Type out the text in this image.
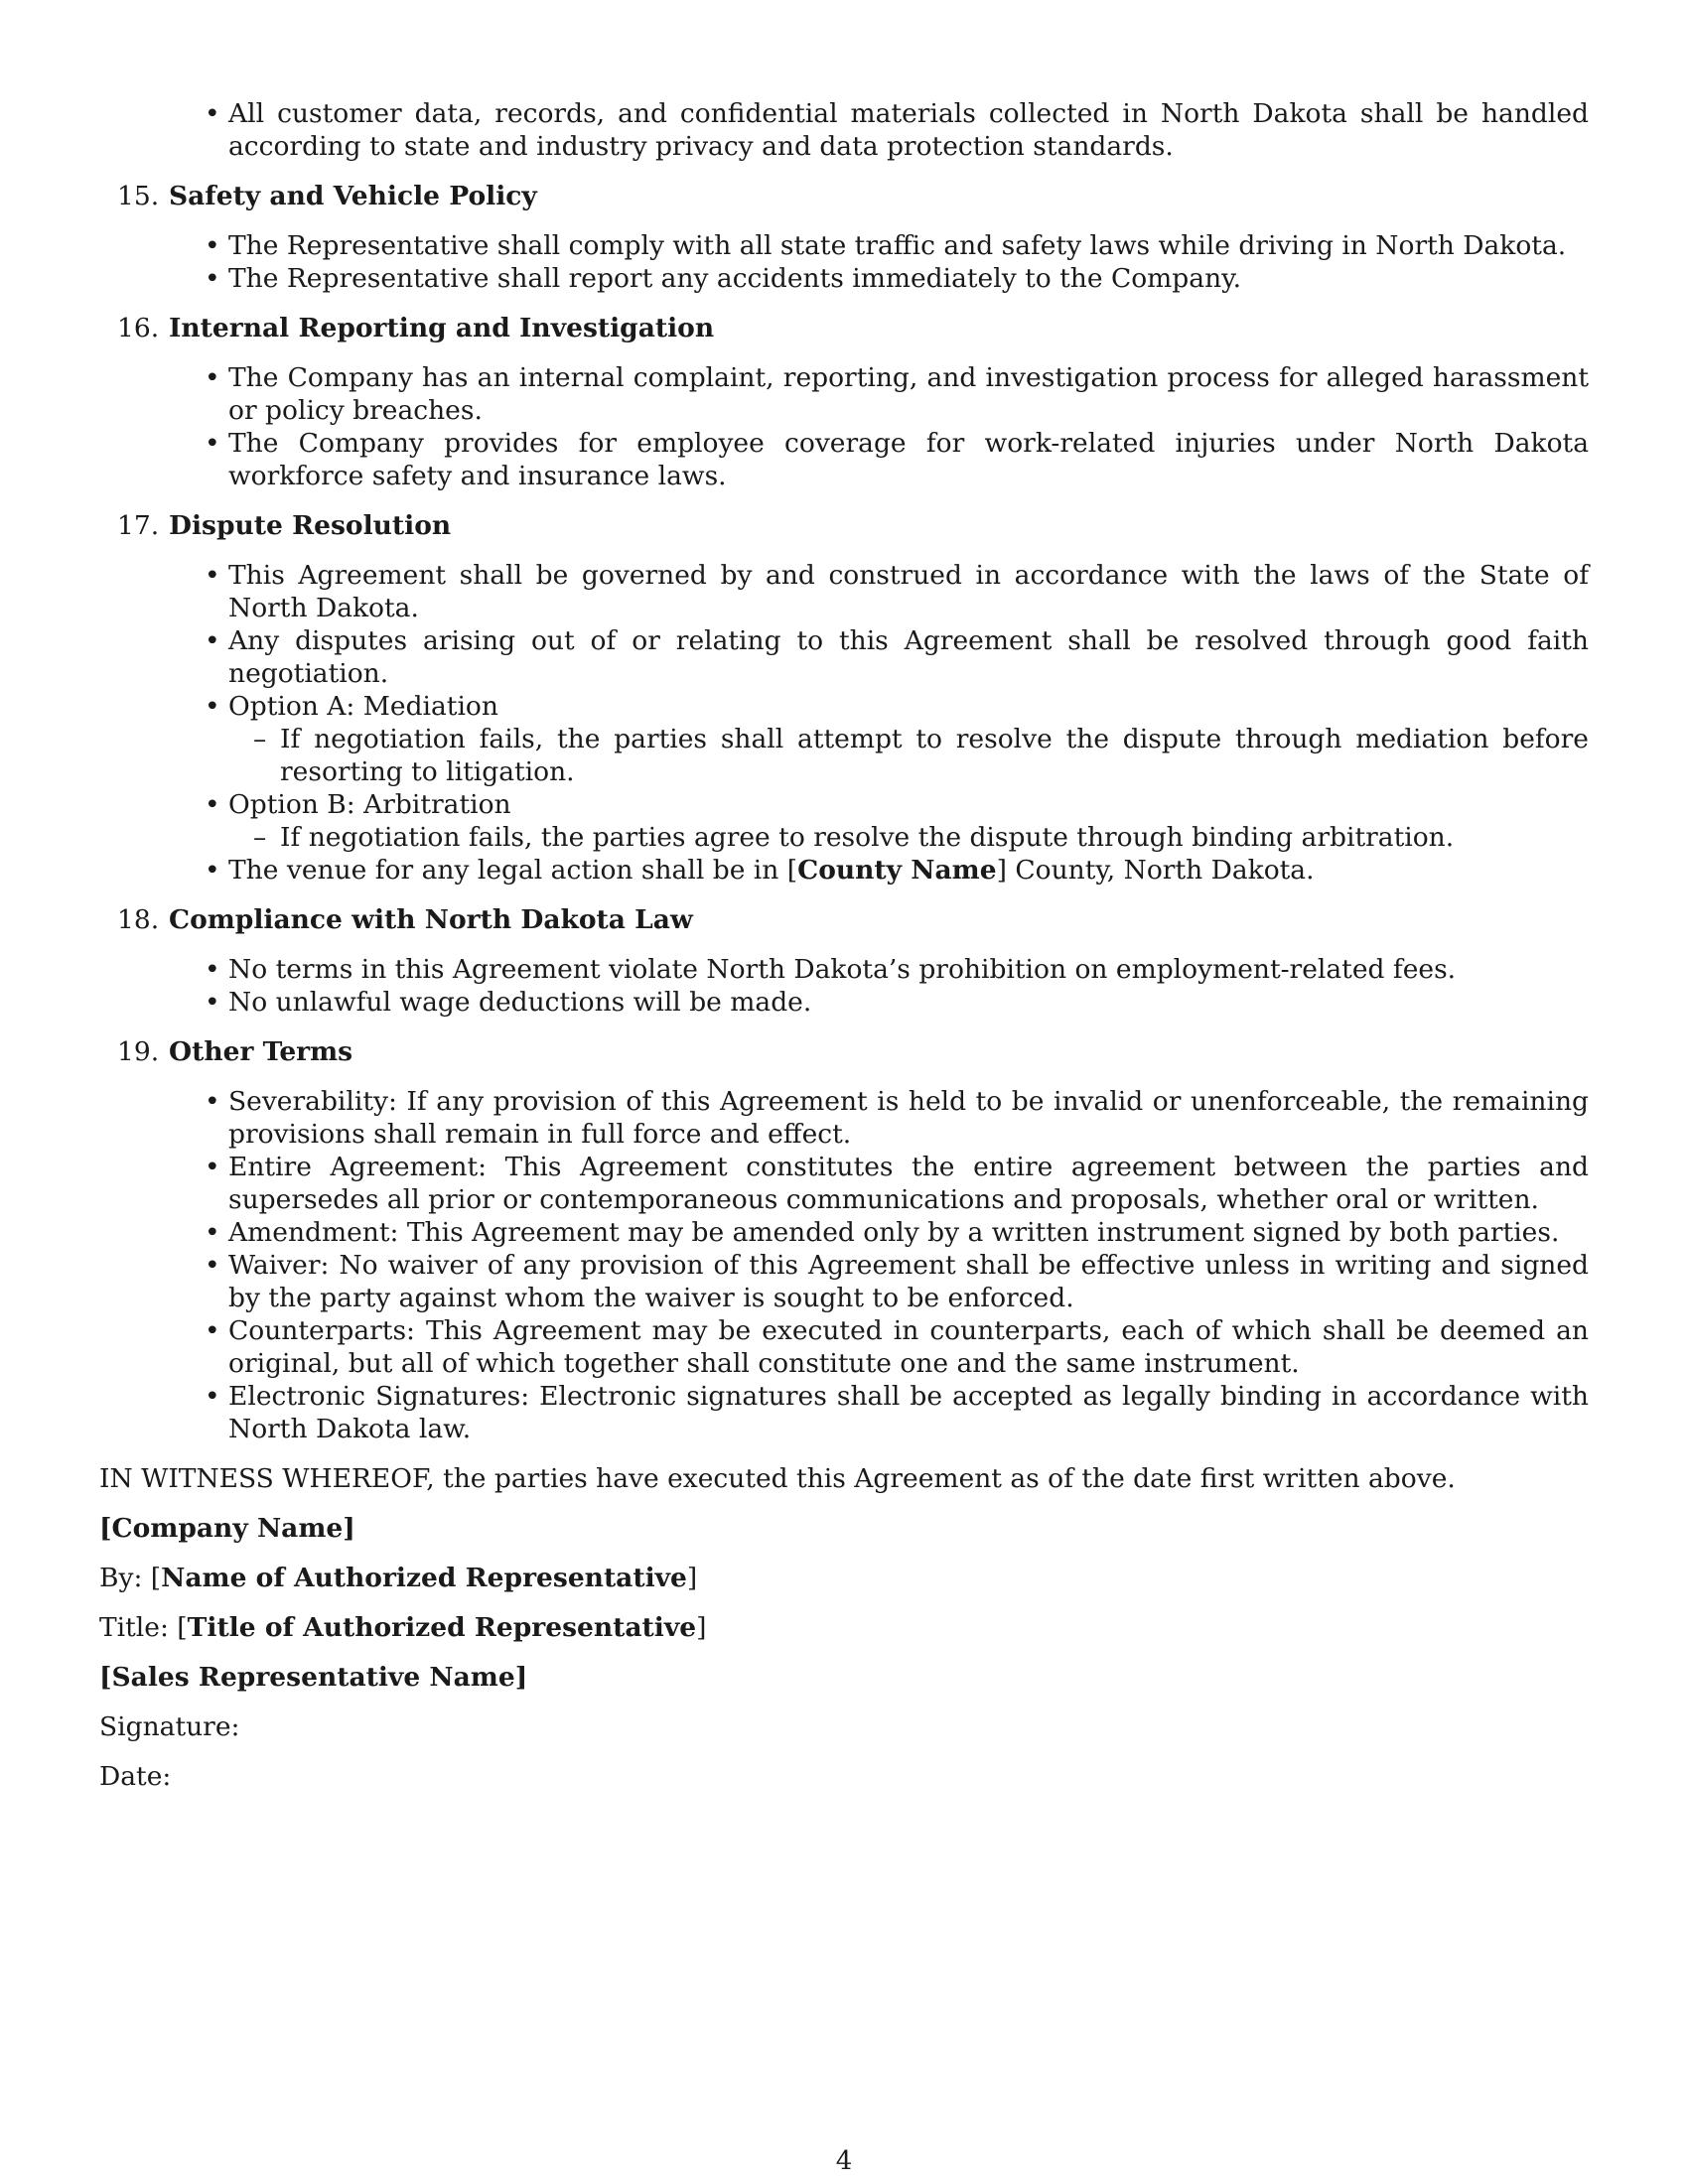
• All customer data, records, and confidential materials collected in North Dakota shall be handled according to state and industry privacy and data protection standards.
15. Safety and Vehicle Policy
• The Representative shall comply with all state traffic and safety laws while driving in North Dakota.
• The Representative shall report any accidents immediately to the Company.
16. Internal Reporting and Investigation
• The Company has an internal complaint, reporting, and investigation process for alleged harassment or policy breaches.
• The Company provides for employee coverage for work-related injuries under North Dakota workforce safety and insurance laws.
17. Dispute Resolution
• This Agreement shall be governed by and construed in accordance with the laws of the State of North Dakota.
• Any disputes arising out of or relating to this Agreement shall be resolved through good faith negotiation.
• Option A: Mediation
– If negotiation fails, the parties shall attempt to resolve the dispute through mediation before resorting to litigation.
• Option B: Arbitration
– If negotiation fails, the parties agree to resolve the dispute through binding arbitration.
• The venue for any legal action shall be in [County Name] County, North Dakota.
18. Compliance with North Dakota Law
• No terms in this Agreement violate North Dakota’s prohibition on employment-related fees.
• No unlawful wage deductions will be made.
19. Other Terms
• Severability: If any provision of this Agreement is held to be invalid or unenforceable, the remaining provisions shall remain in full force and effect.
• Entire Agreement: This Agreement constitutes the entire agreement between the parties and supersedes all prior or contemporaneous communications and proposals, whether oral or written.
• Amendment: This Agreement may be amended only by a written instrument signed by both parties.
• Waiver: No waiver of any provision of this Agreement shall be effective unless in writing and signed by the party against whom the waiver is sought to be enforced.
• Counterparts: This Agreement may be executed in counterparts, each of which shall be deemed an original, but all of which together shall constitute one and the same instrument.
• Electronic Signatures: Electronic signatures shall be accepted as legally binding in accordance with North Dakota law.

IN WITNESS WHEREOF, the parties have executed this Agreement as of the date first written above.

[Company Name]

By: [Name of Authorized Representative]

Title: [Title of Authorized Representative]

[Sales Representative Name]

Signature:

Date:

4
